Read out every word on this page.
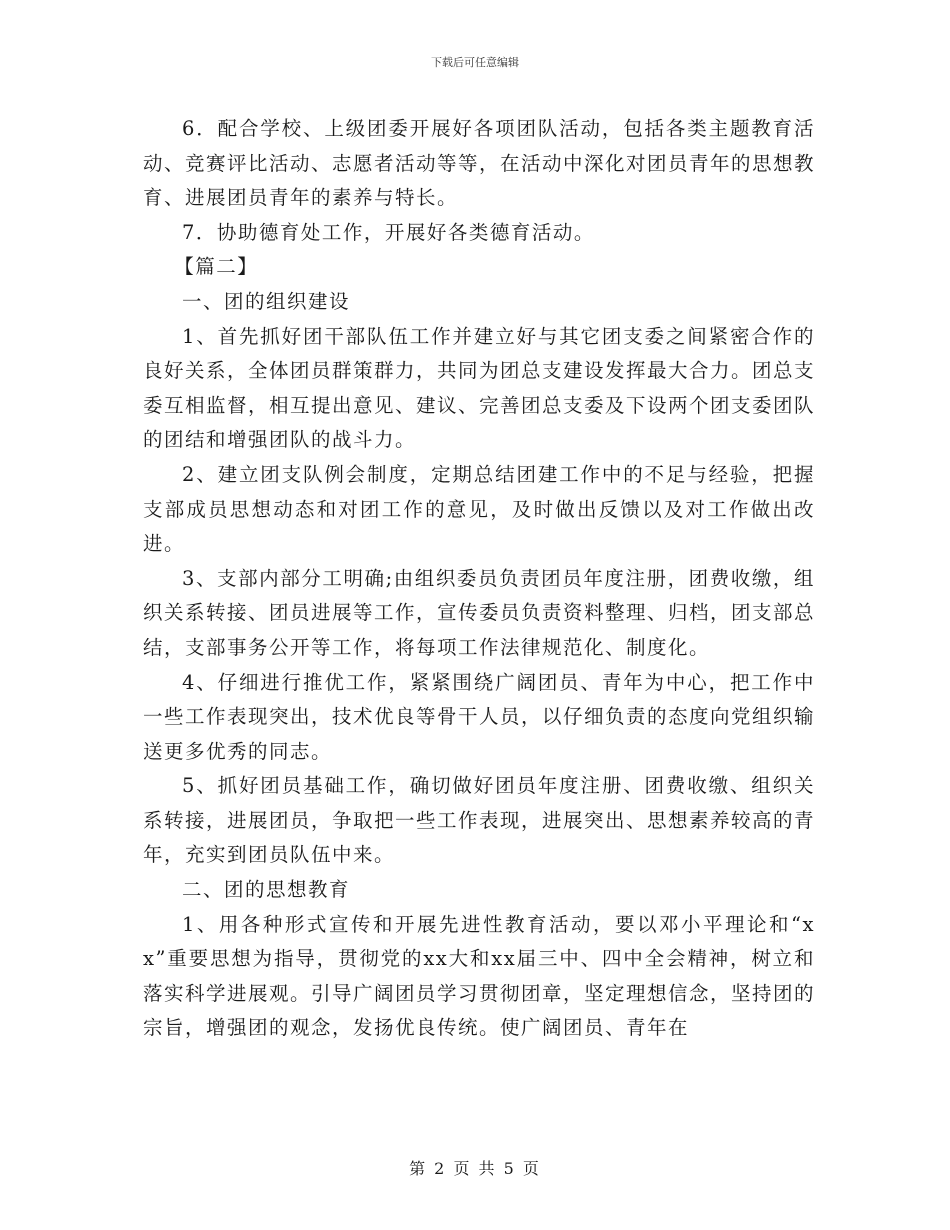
下载后可任意编辑

6．配合学校、上级团委开展好各项团队活动，包括各类主题教育活动、竞赛评比活动、志愿者活动等等，在活动中深化对团员青年的思想教育、进展团员青年的素养与特长。

7．协助德育处工作，开展好各类德育活动。

【篇二】

一、团的组织建设

1、首先抓好团干部队伍工作并建立好与其它团支委之间紧密合作的良好关系，全体团员群策群力，共同为团总支建设发挥最大合力。团总支委互相监督，相互提出意见、建议、完善团总支委及下设两个团支委团队的团结和增强团队的战斗力。

2、建立团支队例会制度，定期总结团建工作中的不足与经验，把握支部成员思想动态和对团工作的意见，及时做出反馈以及对工作做出改进。

3、支部内部分工明确;由组织委员负责团员年度注册，团费收缴，组织关系转接、团员进展等工作，宣传委员负责资料整理、归档，团支部总结，支部事务公开等工作，将每项工作法律规范化、制度化。

4、仔细进行推优工作，紧紧围绕广阔团员、青年为中心，把工作中一些工作表现突出，技术优良等骨干人员，以仔细负责的态度向党组织输送更多优秀的同志。

5、抓好团员基础工作，确切做好团员年度注册、团费收缴、组织关系转接，进展团员，争取把一些工作表现，进展突出、思想素养较高的青年，充实到团员队伍中来。

二、团的思想教育

1、用各种形式宣传和开展先进性教育活动，要以邓小平理论和“xx”重要思想为指导，贯彻党的xx大和xx届三中、四中全会精神，树立和落实科学进展观。引导广阔团员学习贯彻团章，坚定理想信念，坚持团的宗旨，增强团的观念，发扬优良传统。使广阔团员、青年在

第 2 页 共 5 页
